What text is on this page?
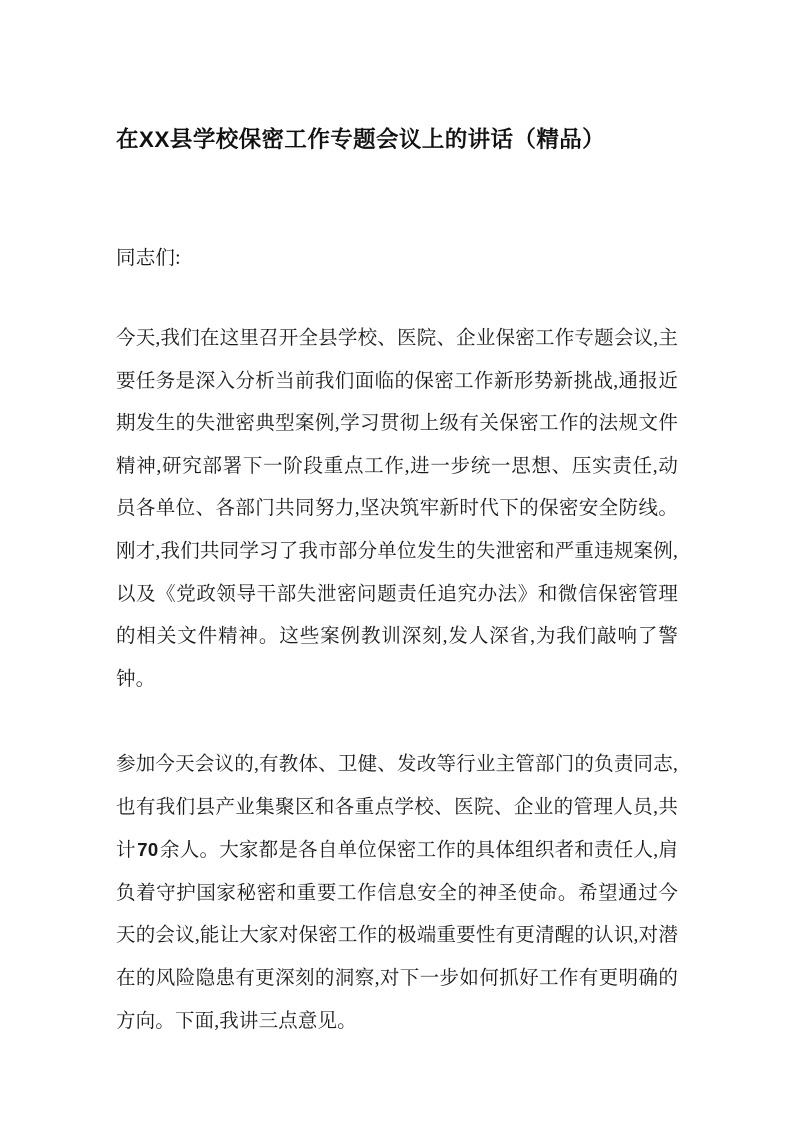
在XX县学校保密工作专题会议上的讲话（精品）

同志们:

今天,我们在这里召开全县学校、医院、企业保密工作专题会议,主要任务是深入分析当前我们面临的保密工作新形势新挑战,通报近期发生的失泄密典型案例,学习贯彻上级有关保密工作的法规文件精神,研究部署下一阶段重点工作,进一步统一思想、压实责任,动员各单位、各部门共同努力,坚决筑牢新时代下的保密安全防线。刚才,我们共同学习了我市部分单位发生的失泄密和严重违规案例,以及《党政领导干部失泄密问题责任追究办法》和微信保密管理的相关文件精神。这些案例教训深刻,发人深省,为我们敲响了警钟。

参加今天会议的,有教体、卫健、发改等行业主管部门的负责同志,也有我们县产业集聚区和各重点学校、医院、企业的管理人员,共计70余人。大家都是各自单位保密工作的具体组织者和责任人,肩负着守护国家秘密和重要工作信息安全的神圣使命。希望通过今天的会议,能让大家对保密工作的极端重要性有更清醒的认识,对潜在的风险隐患有更深刻的洞察,对下一步如何抓好工作有更明确的方向。下面,我讲三点意见。
